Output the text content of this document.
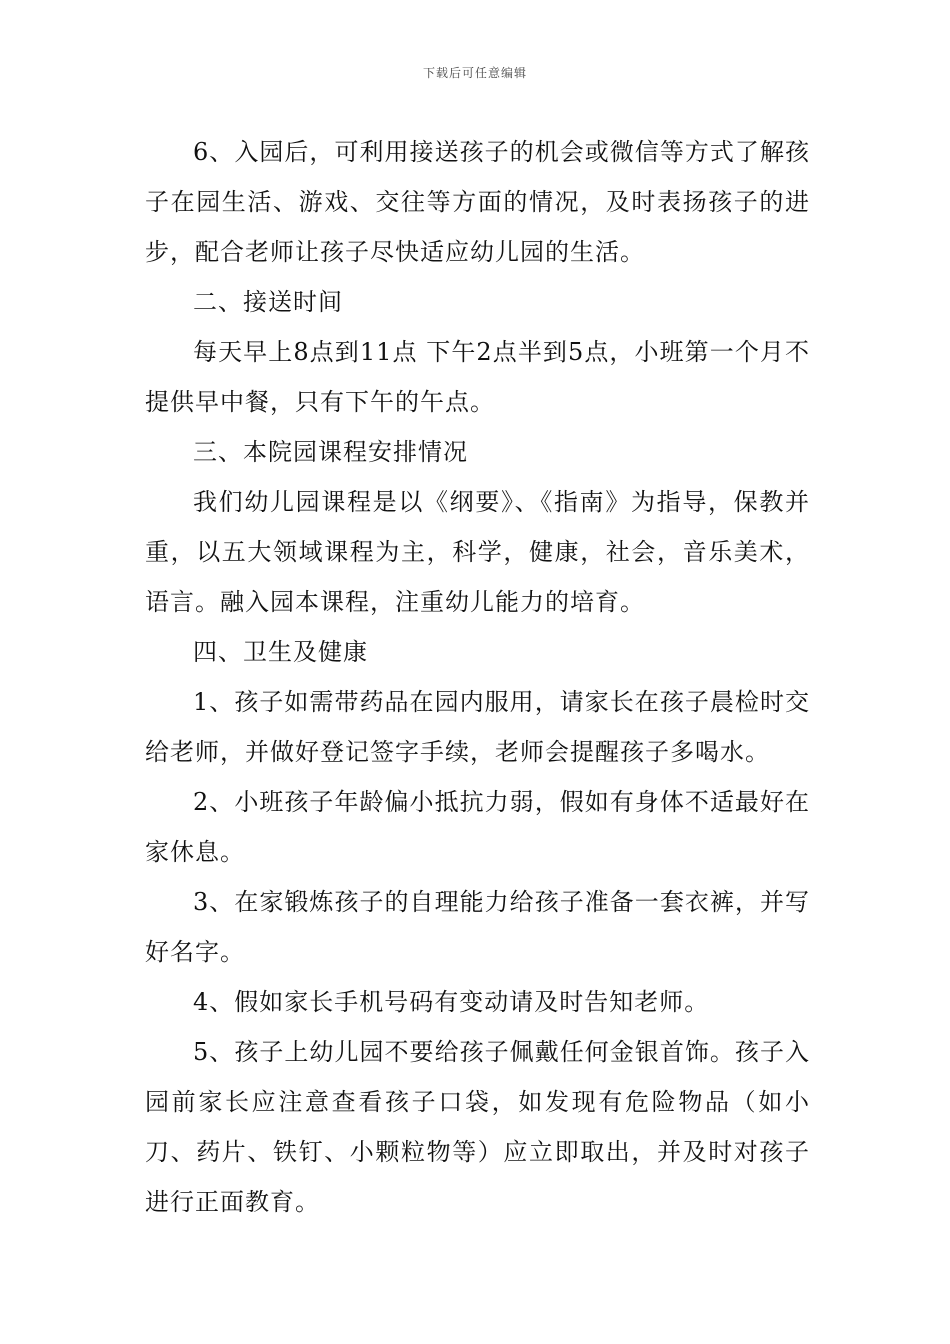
下载后可任意编辑

6、入园后，可利用接送孩子的机会或微信等方式了解孩子在园生活、游戏、交往等方面的情况，及时表扬孩子的进步，配合老师让孩子尽快适应幼儿园的生活。

二、接送时间

每天早上8点到11点 下午2点半到5点，小班第一个月不提供早中餐，只有下午的午点。

三、本院园课程安排情况

我们幼儿园课程是以《纲要》、《指南》为指导，保教并重，以五大领域课程为主，科学，健康，社会，音乐美术，语言。融入园本课程，注重幼儿能力的培育。

四、卫生及健康

1、孩子如需带药品在园内服用，请家长在孩子晨检时交给老师，并做好登记签字手续，老师会提醒孩子多喝水。

2、小班孩子年龄偏小抵抗力弱，假如有身体不适最好在家休息。

3、在家锻炼孩子的自理能力给孩子准备一套衣裤，并写好名字。

4、假如家长手机号码有变动请及时告知老师。

5、孩子上幼儿园不要给孩子佩戴任何金银首饰。孩子入园前家长应注意查看孩子口袋，如发现有危险物品（如小刀、药片、铁钉、小颗粒物等）应立即取出，并及时对孩子进行正面教育。
